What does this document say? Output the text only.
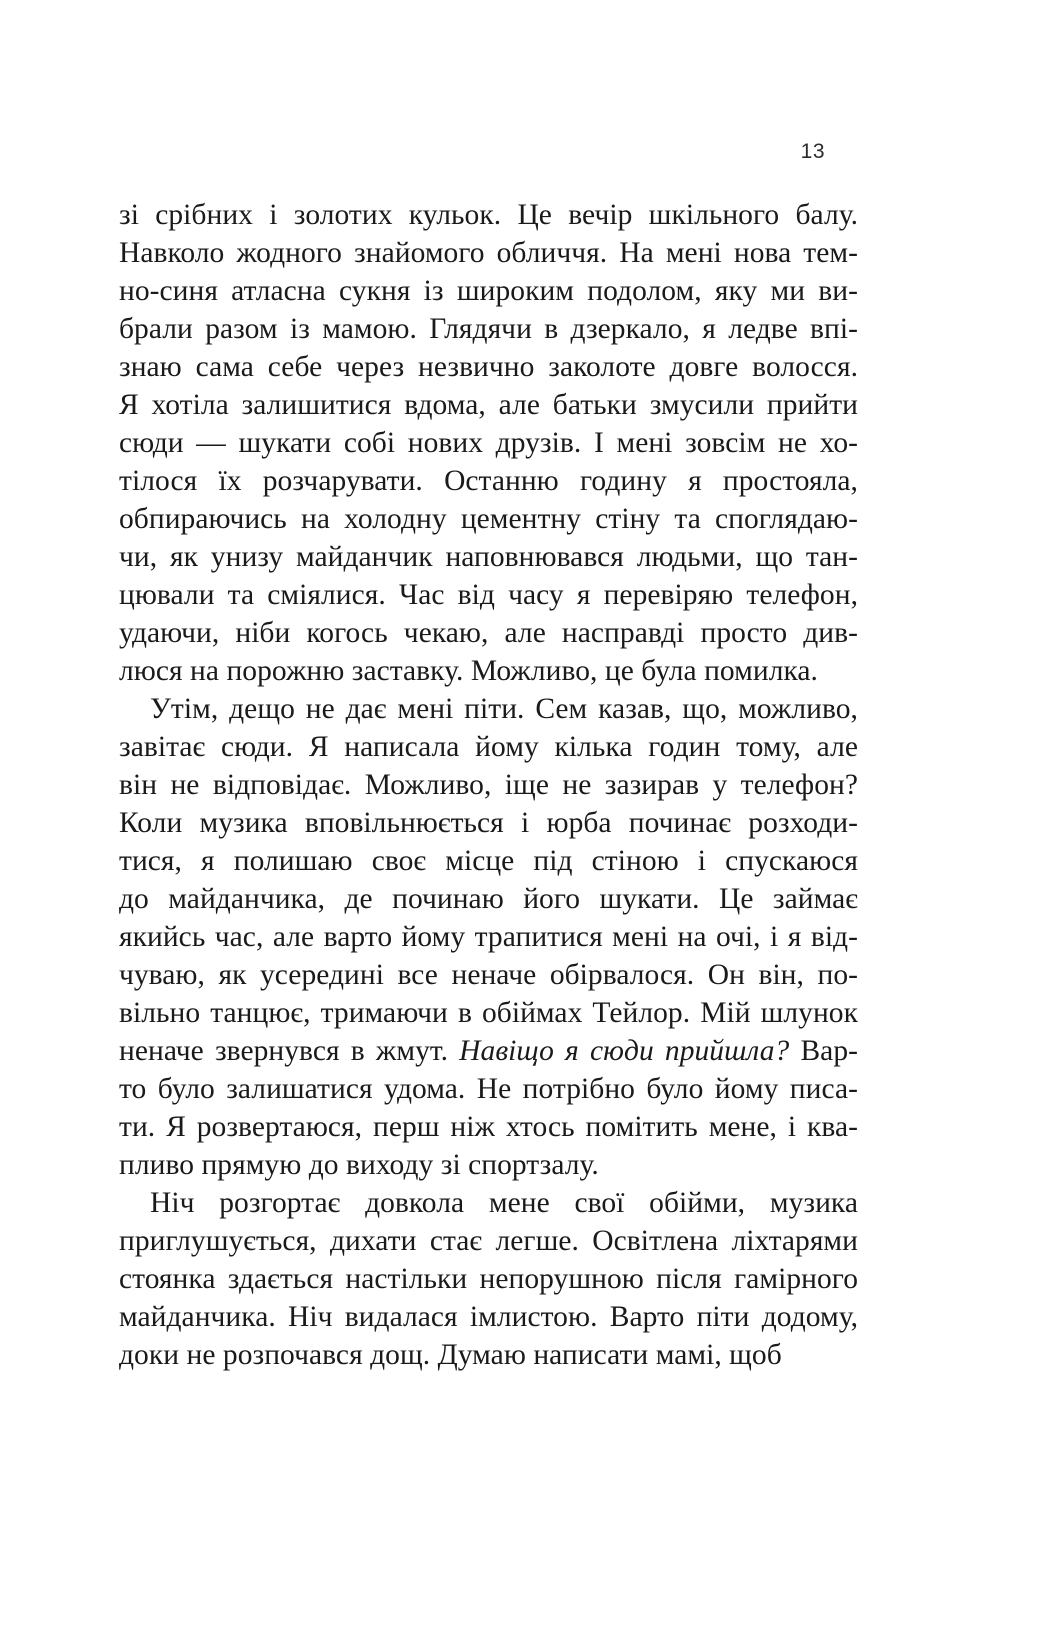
13

зі срібних і золотих кульок. Це вечір шкільного балу.
Навколо жодного знайомого обличчя. На мені нова тем-
но-синя атласна сукня із широким подолом, яку ми ви-
брали разом із мамою. Глядячи в дзеркало, я ледве впі-
знаю сама себе через незвично заколоте довге волосся.
Я хотіла залишитися вдома, але батьки змусили прийти
сюди — шукати собі нових друзів. І мені зовсім не хо-
тілося їх розчарувати. Останню годину я простояла,
обпираючись на холодну цементну стіну та споглядаю-
чи, як унизу майданчик наповнювався людьми, що тан-
цювали та сміялися. Час від часу я перевіряю телефон,
удаючи, ніби когось чекаю, але насправді просто див-
люся на порожню заставку. Можливо, це була помилка.

Утім, дещо не дає мені піти. Сем казав, що, можливо,
завітає сюди. Я написала йому кілька годин тому, але
він не відповідає. Можливо, іще не зазирав у телефон?
Коли музика вповільнюється і юрба починає розходи-
тися, я полишаю своє місце під стіною і спускаюся
до майданчика, де починаю його шукати. Це займає
якийсь час, але варто йому трапитися мені на очі, і я від-
чуваю, як усередині все неначе обірвалося. Он він, по-
вільно танцює, тримаючи в обіймах Тейлор. Мій шлунок
неначе звернувся в жмут. Навіщо я сюди прийшла? Вар-
то було залишатися удома. Не потрібно було йому писа-
ти. Я розвертаюся, перш ніж хтось помітить мене, і ква-
пливо прямую до виходу зі спортзалу.

Ніч розгортає довкола мене свої обійми, музика
приглушується, дихати стає легше. Освітлена ліхтарями
стоянка здається настільки непорушною після гамірного
майданчика. Ніч видалася імлистою. Варто піти додому,
доки не розпочався дощ. Думаю написати мамі, щоб
